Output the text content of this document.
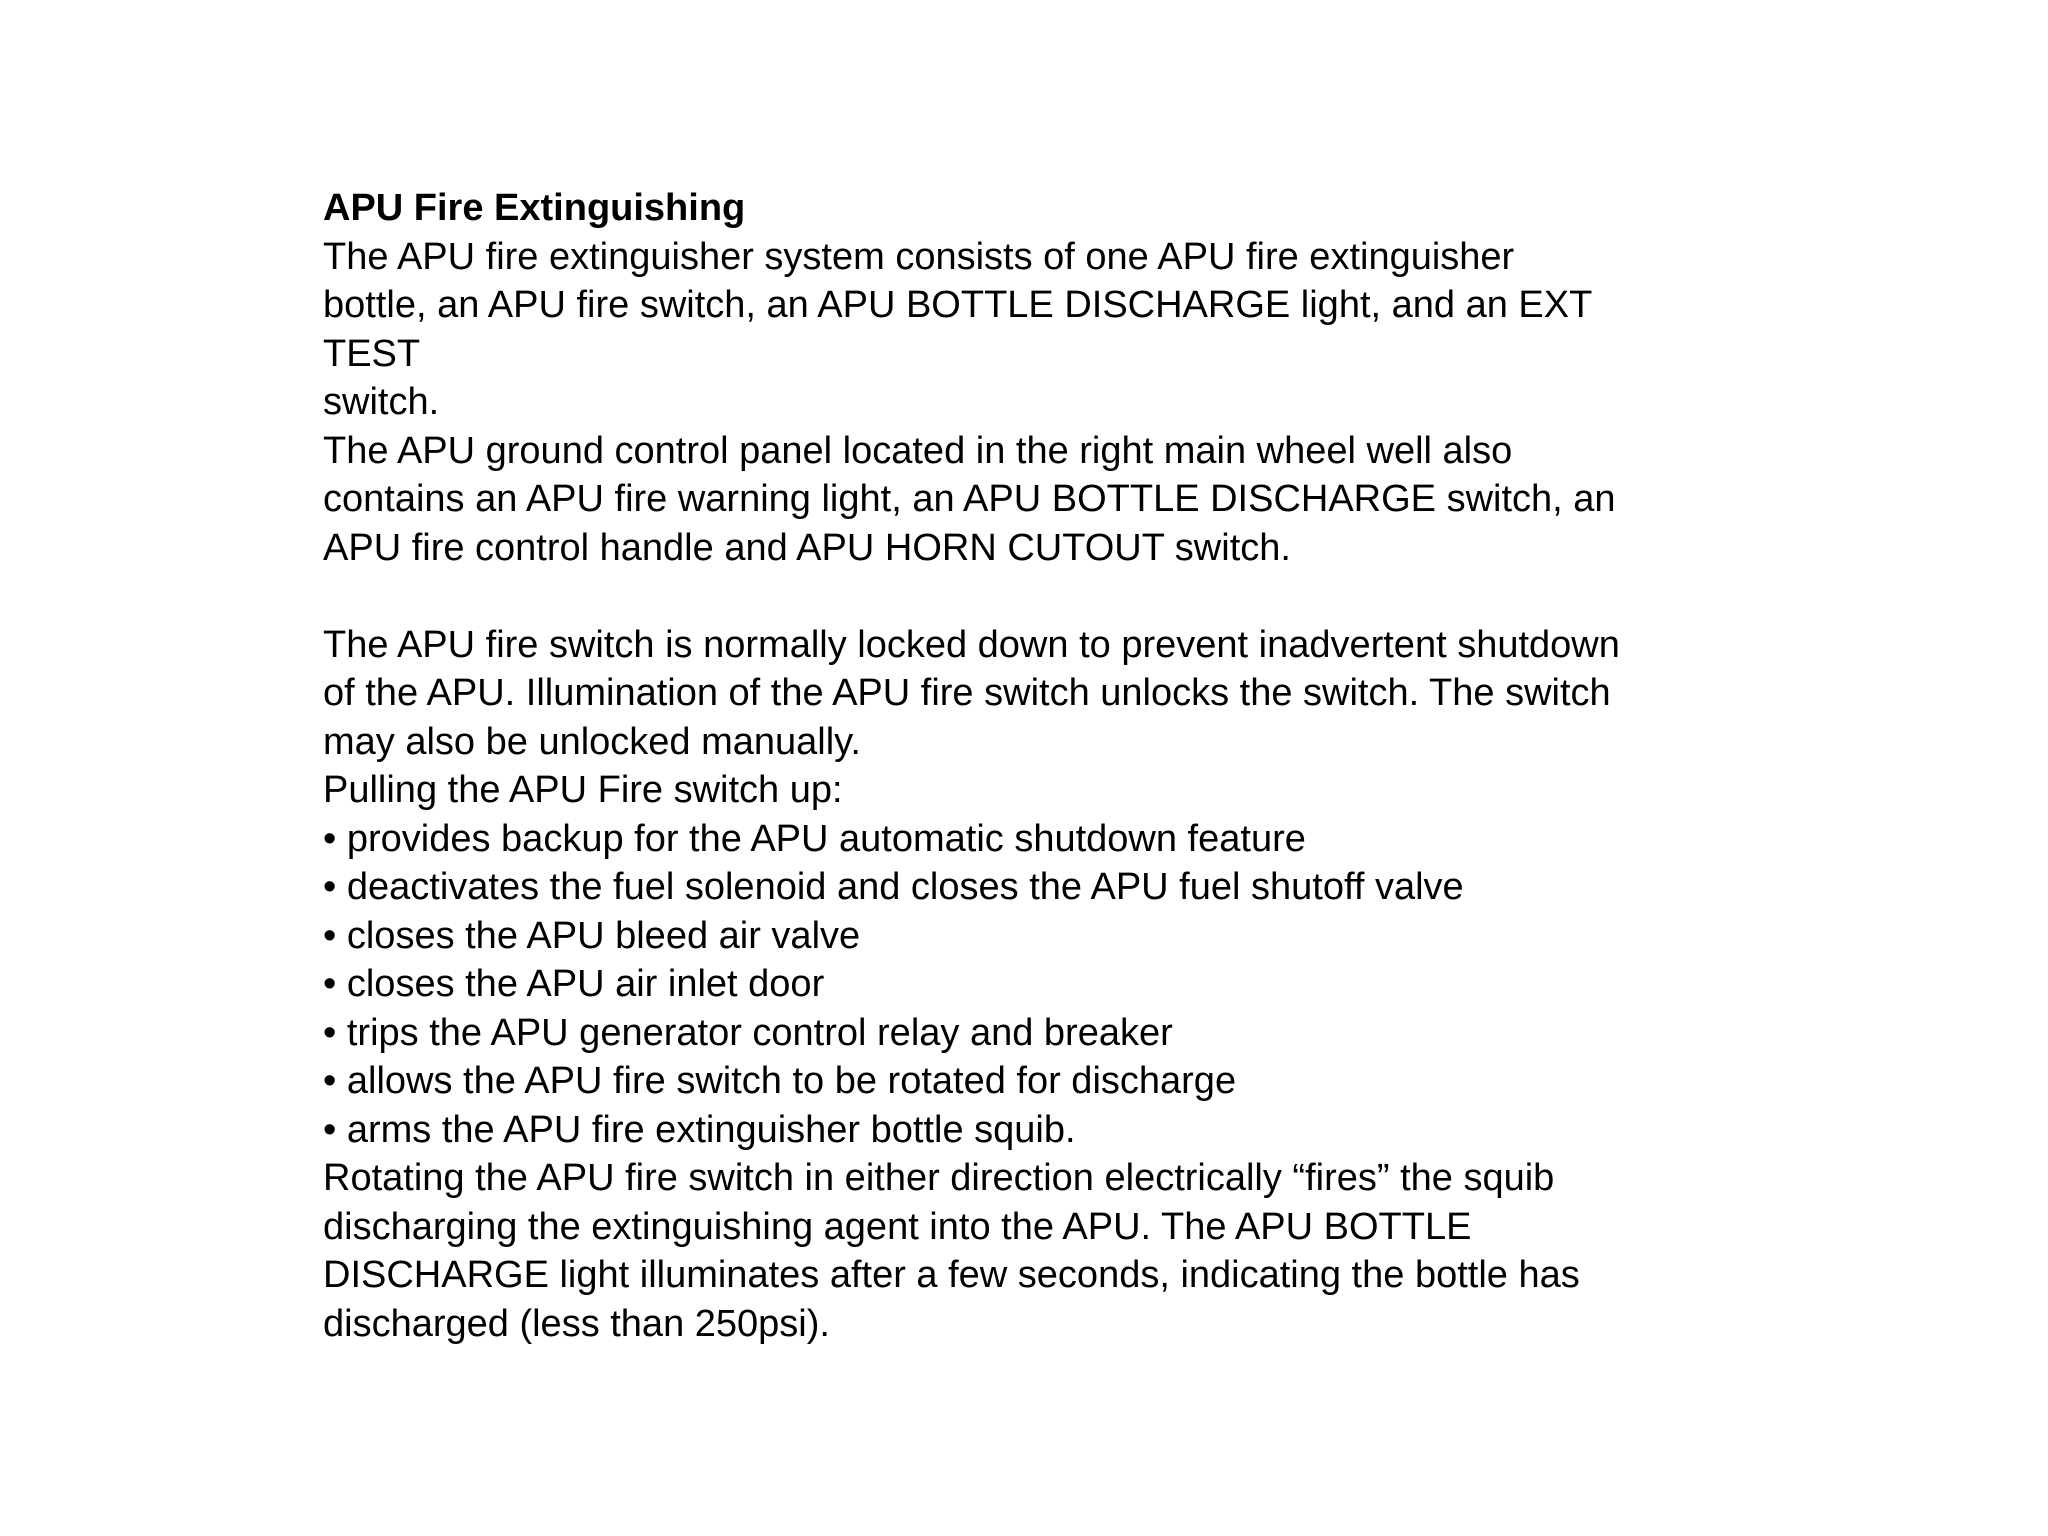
APU Fire Extinguishing
The APU fire extinguisher system consists of one APU fire extinguisher
bottle, an APU fire switch, an APU BOTTLE DISCHARGE light, and an EXT
TEST
switch.
The APU ground control panel located in the right main wheel well also
contains an APU fire warning light, an APU BOTTLE DISCHARGE switch, an
APU fire control handle and APU HORN CUTOUT switch.
The APU fire switch is normally locked down to prevent inadvertent shutdown
of the APU. Illumination of the APU fire switch unlocks the switch. The switch
may also be unlocked manually.
Pulling the APU Fire switch up:
• provides backup for the APU automatic shutdown feature
• deactivates the fuel solenoid and closes the APU fuel shutoff valve
• closes the APU bleed air valve
• closes the APU air inlet door
• trips the APU generator control relay and breaker
• allows the APU fire switch to be rotated for discharge
• arms the APU fire extinguisher bottle squib.
Rotating the APU fire switch in either direction electrically “fires” the squib
discharging the extinguishing agent into the APU. The APU BOTTLE
DISCHARGE light illuminates after a few seconds, indicating the bottle has
discharged (less than 250psi).
